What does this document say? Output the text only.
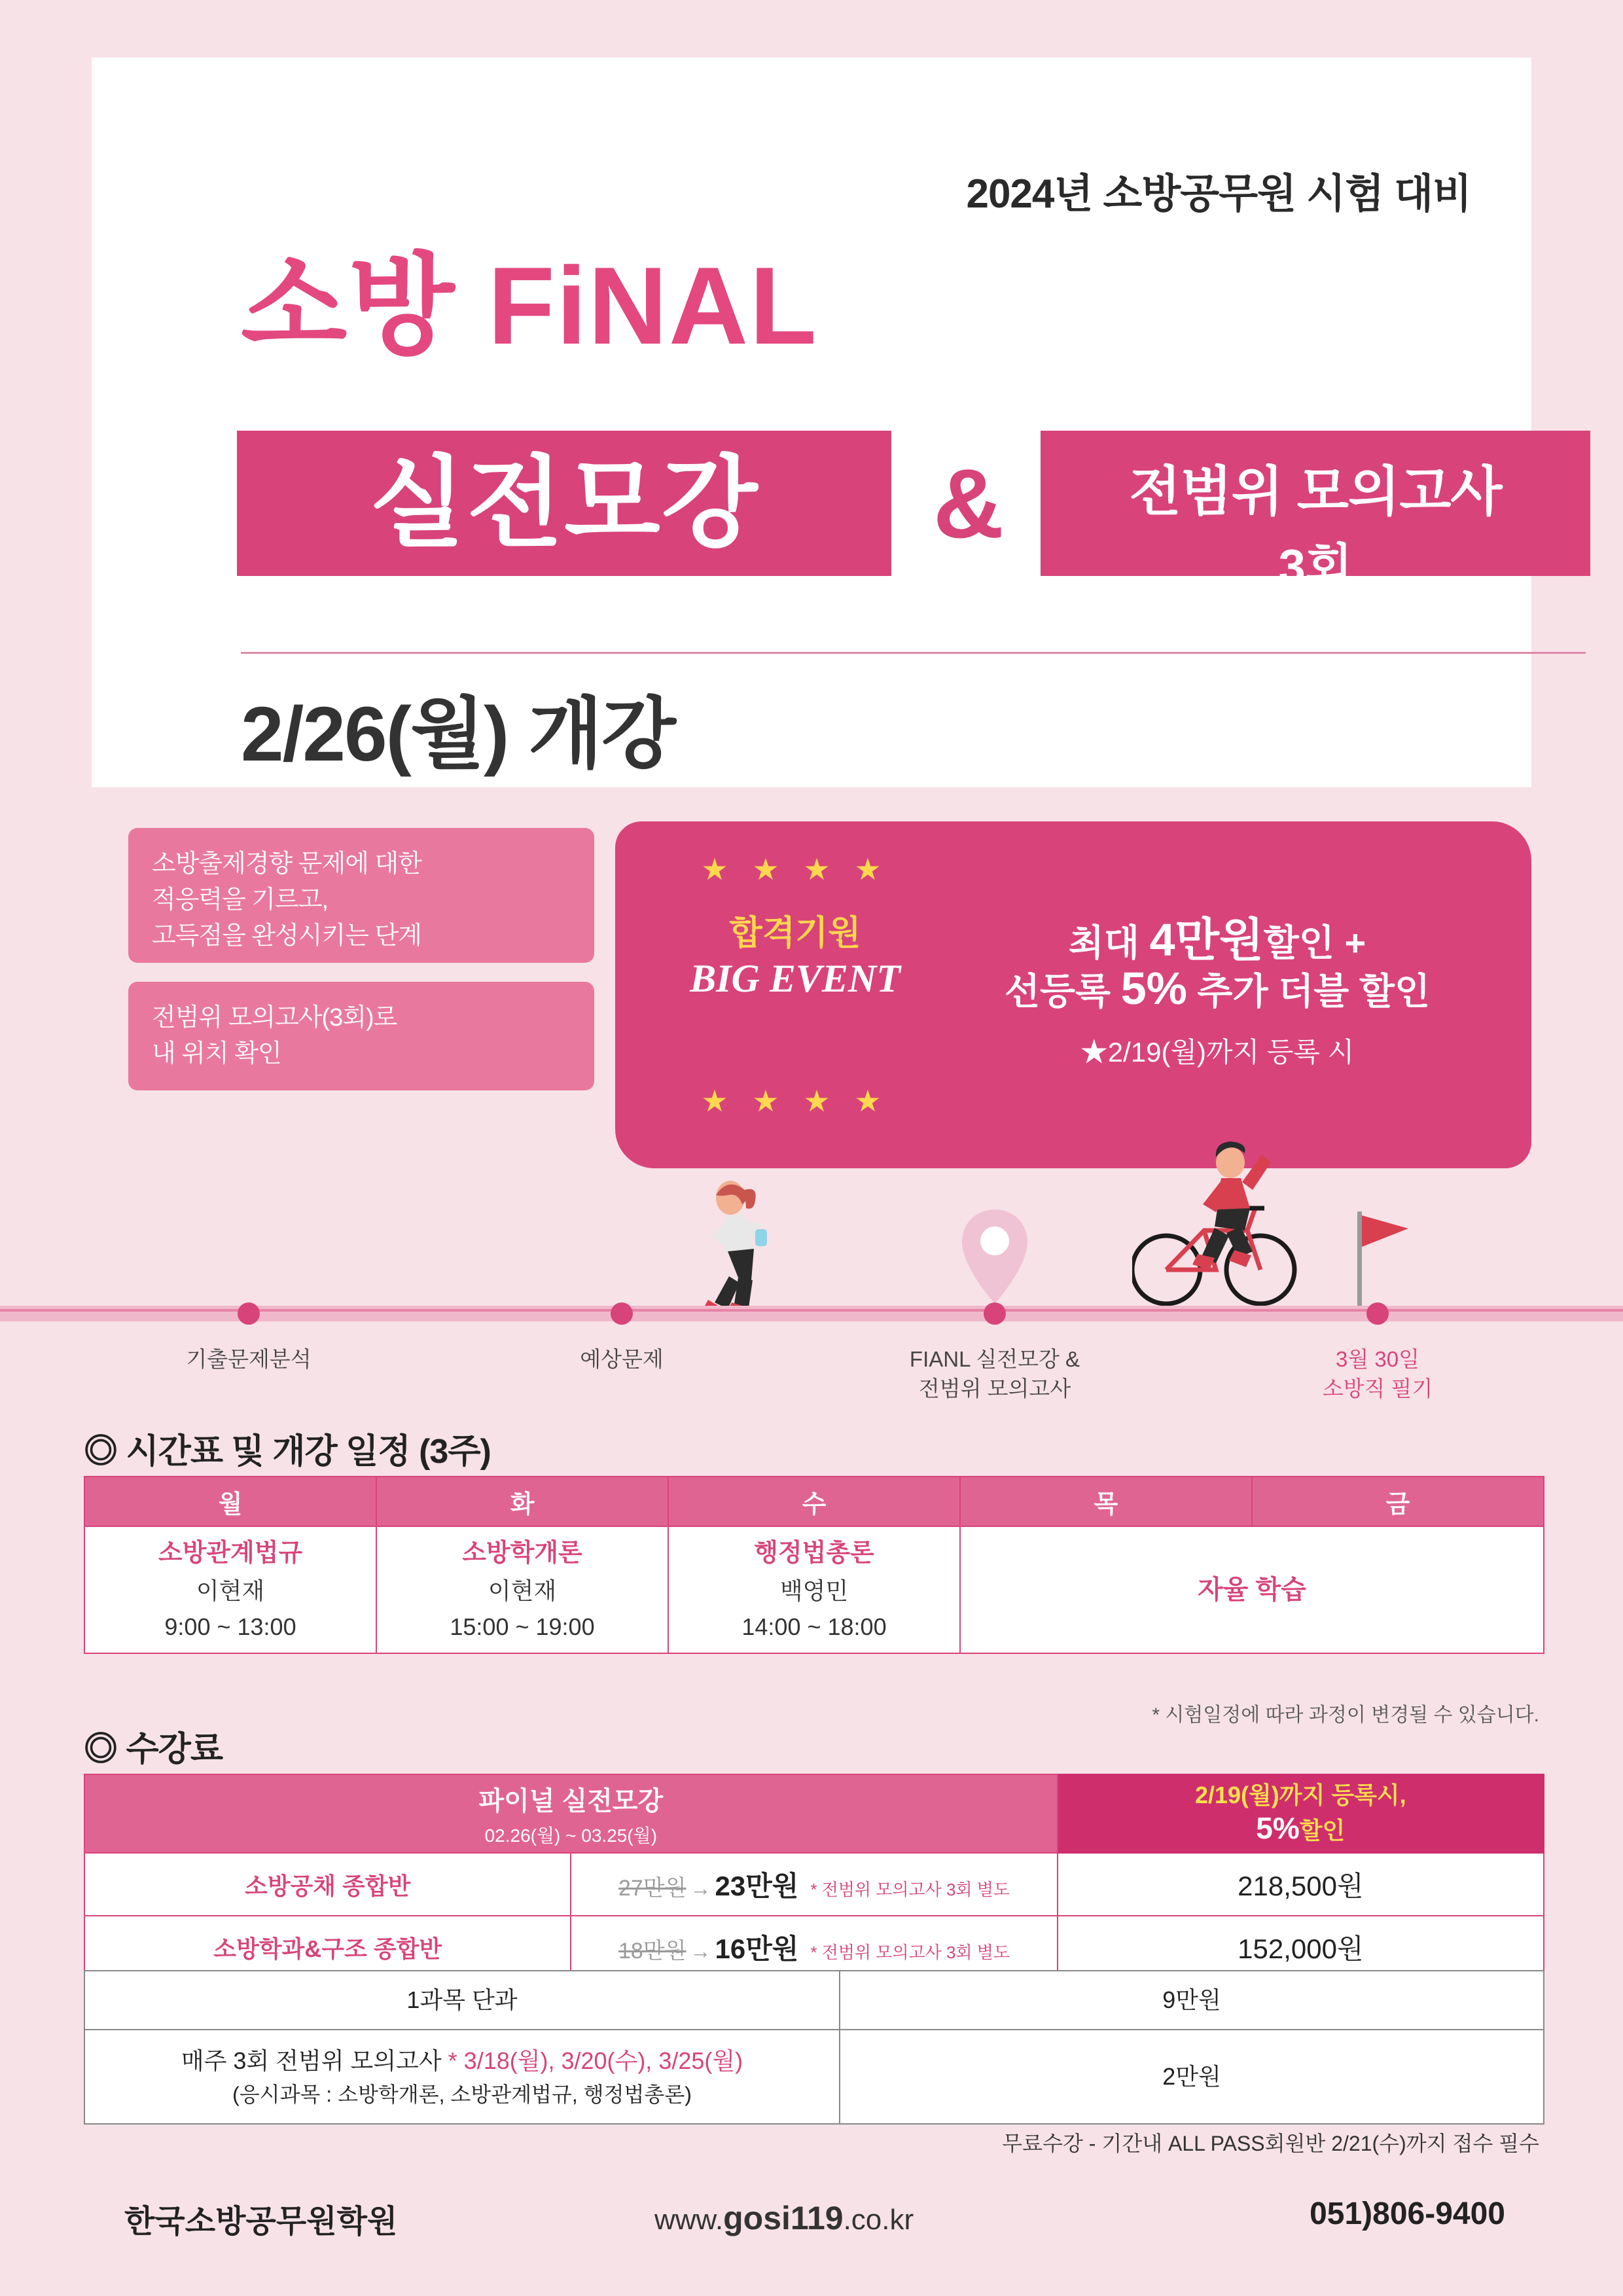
2024년 소방공무원 시험 대비
소방 FiNAL
실전모강	&	전범위 모의고사
3회
2/26(월) 개강
소방출제경향 문제에 대한
적응력을 기르고,
고득점을 완성시키는 단계
전범위 모의고사(3회)로
내 위치 확인
★ ★ ★ ★
합격기원
BIG EVENT
★ ★ ★ ★
최대 4만원할인 +
선등록 5% 추가 더블 할인
★2/19(월)까지 등록 시
기출문제분석	예상문제	FIANL 실전모강 &
전범위 모의고사
3월 30일
소방직 필기
◎ 시간표 및 개강 일정 (3주)
월	화	수	목	금

소방관계법규
이현재
9:00 ~ 13:00

소방학개론
이현재
15:00 ~ 19:00

행정법총론
백영민
14:00 ~ 18:00
	자율 학습
* 시험일정에 따라 과정이 변경될 수 있습니다.
◎ 수강료
파이널 실전모강
02.26(월) ~ 03.25(월)

2/19(월)까지 등록시,
5%할인

소방공채 종합반	27만원 → 23만원 * 전범위 모의고사 3회 별도	218,500원
소방학과&구조 종합반	18만원 → 16만원 * 전범위 모의고사 3회 별도	152,000원
1과목 단과	9만원

매주 3회 전범위 모의고사 * 3/18(월), 3/20(수), 3/25(월)
(응시과목 : 소방학개론, 소방관계법규, 행정법총론)	2만원
무료수강 - 기간내 ALL PASS회원반 2/21(수)까지 접수 필수
한국소방공무원학원	www.gosi119.co.kr	051)806-9400
